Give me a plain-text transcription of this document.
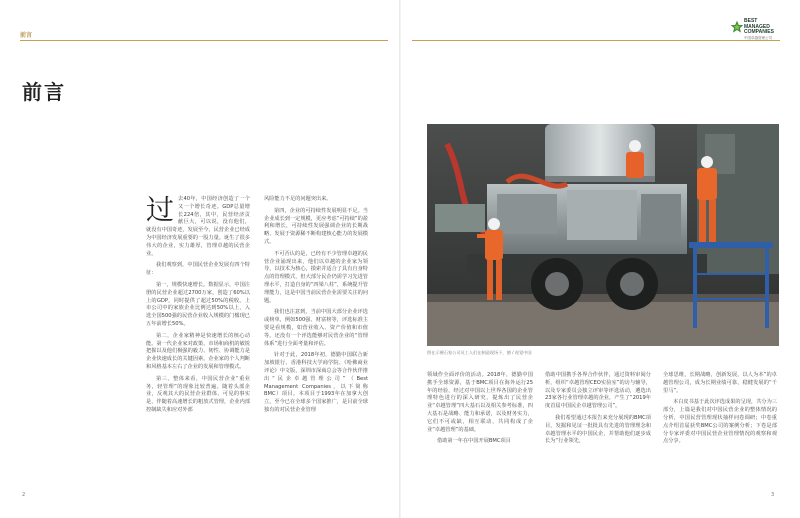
前言
前言
过 去40年，中国经济创造了一个又一个增长奇迹。GDP总量增长224倍，其中，民营经济贡献巨大，可以说，没有他们，就没有中国奇迹，发展至今，民营企业已经成为中国经济发展重要的一股力量。诞生了很多伟大的企业，实力雄厚，管理卓越的民营企业。

我们观察到，中国民营企业发展有四个特征：

第一，规模快速增长。数据显示，中国注册的民营企业超过2700万家，创造了60%以上的GDP，同时提供了超过50%的税收。上市公司中的家族企业比例达到50%以上，入选全国500强的民营企业收入规模的门槛现已五年前增长50%。

第二，企业家精神是快速增长的核心动能。第一代企业家对政策、市场和商机的敏锐把握以及他们极强的毅力、韧性、协调能力是企业快速成长的关键因素。企业家的个人判断和风格基本左右了企业的发展和管理模式。

第三，整体来看，中国民营企业“重业务，轻管理”的现象比较普遍。随着头部企业，反观其大的民营企业群体，可见的事实是，伴随着高速增长的粗放式管理，企业内部控制缺失和应对外部

风险能力不足的问题突出来。

第四，企业的可持续性发展明显不足。当企业成长到一定规模，更应考虑“可持续”的盈利和增长，可持续性发展强调企业的长期战略、发展于资源稀不断构建核心能力的发展模式。

不可否认的是，已经有不少管理卓越的民营企业涌现出来，他们以卓越的企业家为领导，以技术为核心，摸索并适合了具有自身特点的管理模式，但大部分民企仍需学习先进管理水平，打造自身的“四梁八柱”，系统提升管理能力，这是中国当前民营企业需要关注的问题。

我们也注意到，当前中国大部分企业评选或榜单，例如500强、财富榜等，评选标准主要是看规模，如营业收入、资产价值和市值等。还没有一个评选能够对民营企业的“管理体系”进行全面考量和评估。

针对于此，2018年初，德勤中国联合新加坡银行、香港科技大学商学院、《哈佛商业评论》中文版、深圳市深商总会等合作伙伴推出“民企卓越管理公司”（Best Management Companies，以下简称BMC）项目。本项目于1993年在加拿大创立，至今已在全球多个国家推广，是目前全球独有的对民营企业管理

2
BEST
MANAGED
COMPANIES
中国卓越管理公司
图在示佛石家公司员工人们在制造现场干，德 / 视觉中国

领域作全面评价的活动。2018年，德勤中国携手全球资源，基于BMC项目在海外运行25年的经验，经过对中国以上世界各国的企业管理特色进行的深入研究，提炼出了民营企业“卓越管理”四大基石以及相关参考标准，四大基石是战略、能力和承诺，以及财务实力，它们不可或缺，相互联动，共同构成了企业“卓越管理”的基础。

借助第一年在中国开展BMC项目

借助中国携手各界合作伙伴，通过资料审阅分析，组织“卓越管理CEO实验室”的访与辅导，以及专家委员会独立评审等评选活动，遴选出23家各行业管理卓越的企业，产生了“2019年度首届中国民企卓越管理公司”。

我们希望通过本报告来充分展现的BMC项目，发掘和见证一批批具有先进的管理理念和卓越管理水平的中国民企，并帮助他们逐步成长为“行业领先，

全球思维，长期战略，创新发展，以人为本”的卓越管理公司，成为长期业绩可靠，稳健发展的“千里马”。

本白皮书基于此次评选成果的呈现，共分为三部分，上篇是我们对中国民营企业的整体情况的分析，中国民营管理现状抽样问卷调研；中卷重点介绍首届获奖BMC公司的案例分析；下卷是部分专家评委对中国民营企业管理情况的观察和观点分享。

3
